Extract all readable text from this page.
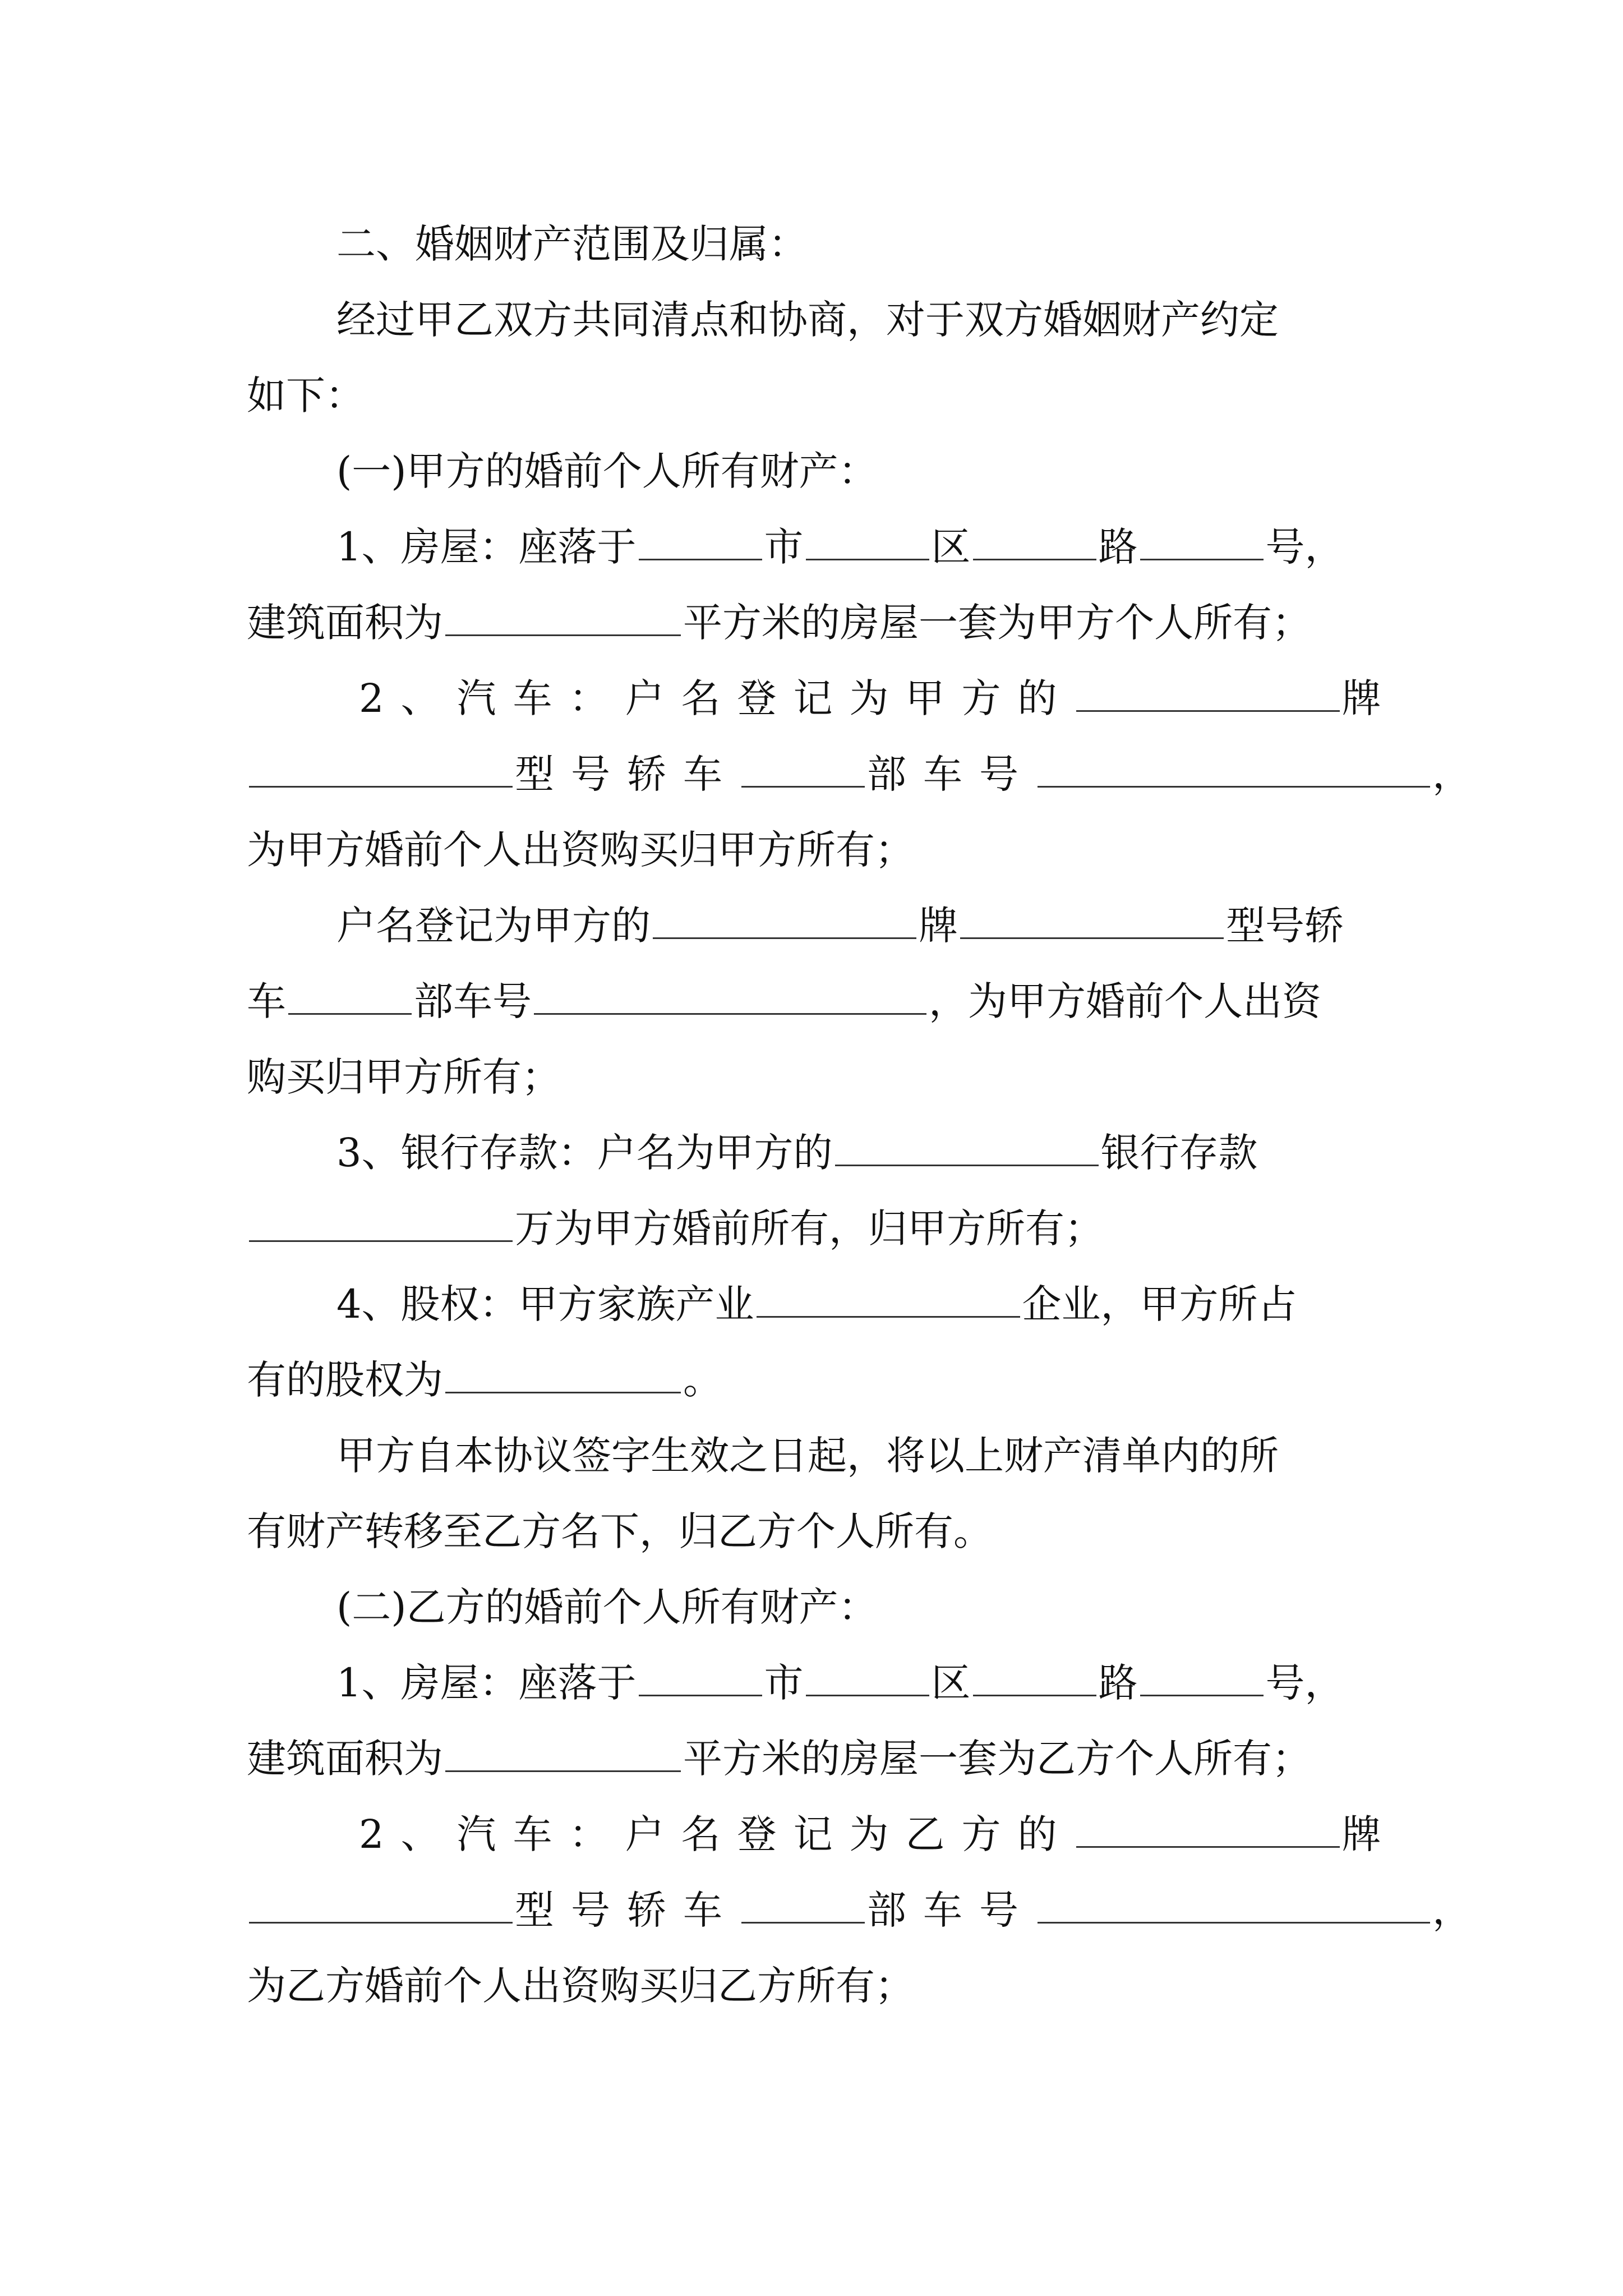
二、婚姻财产范围及归属：
经过甲乙双方共同清点和协商，对于双方婚姻财产约定
如下：
(一)甲方的婚前个人所有财产：
1、房屋：座落于	市	区	路	号，
建筑面积为	平方米的房屋一套为甲方个人所有；
2、汽车：户名登记为甲方的	牌
型号轿车	部车号	，
为甲方婚前个人出资购买归甲方所有；
户名登记为甲方的	牌	型号轿
车	部车号	，为甲方婚前个人出资
购买归甲方所有；
3、银行存款：户名为甲方的	银行存款
万为甲方婚前所有，归甲方所有；
4、股权：甲方家族产业	企业，甲方所占
有的股权为	。
甲方自本协议签字生效之日起，将以上财产清单内的所
有财产转移至乙方名下，归乙方个人所有。
(二)乙方的婚前个人所有财产：
1、房屋：座落于	市	区	路	号，
建筑面积为	平方米的房屋一套为乙方个人所有；
2、汽车：户名登记为乙方的	牌
型号轿车	部车号	，
为乙方婚前个人出资购买归乙方所有；
